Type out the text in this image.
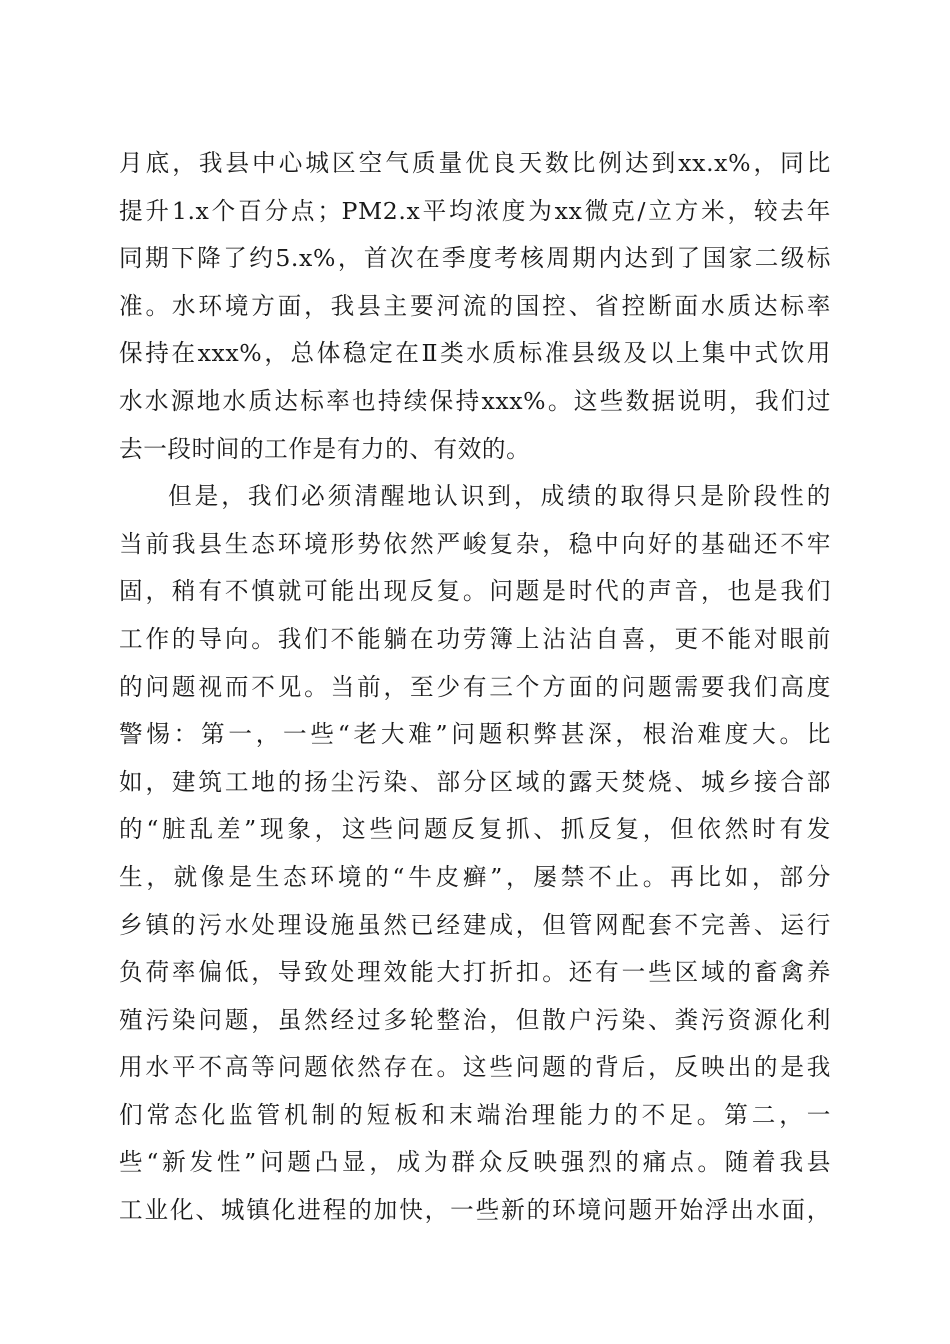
月底，我县中心城区空气质量优良天数比例达到xx.x%，同比
提升1.x个百分点；PM2.x平均浓度为xx微克/立方米，较去年
同期下降了约5.x%，首次在季度考核周期内达到了国家二级标
准。水环境方面，我县主要河流的国控、省控断面水质达标率
保持在xxx%，总体稳定在Ⅱ类水质标准县级及以上集中式饮用
水水源地水质达标率也持续保持xxx%。这些数据说明，我们过
去一段时间的工作是有力的、有效的。
但是，我们必须清醒地认识到，成绩的取得只是阶段性的
当前我县生态环境形势依然严峻复杂，稳中向好的基础还不牢
固，稍有不慎就可能出现反复。问题是时代的声音，也是我们
工作的导向。我们不能躺在功劳簿上沾沾自喜，更不能对眼前
的问题视而不见。当前，至少有三个方面的问题需要我们高度
警惕：第一，一些“老大难”问题积弊甚深，根治难度大。比
如，建筑工地的扬尘污染、部分区域的露天焚烧、城乡接合部
的“脏乱差”现象，这些问题反复抓、抓反复，但依然时有发
生，就像是生态环境的“牛皮癣”，屡禁不止。再比如，部分
乡镇的污水处理设施虽然已经建成，但管网配套不完善、运行
负荷率偏低，导致处理效能大打折扣。还有一些区域的畜禽养
殖污染问题，虽然经过多轮整治，但散户污染、粪污资源化利
用水平不高等问题依然存在。这些问题的背后，反映出的是我
们常态化监管机制的短板和末端治理能力的不足。第二，一
些“新发性”问题凸显，成为群众反映强烈的痛点。随着我县
工业化、城镇化进程的加快，一些新的环境问题开始浮出水面，
